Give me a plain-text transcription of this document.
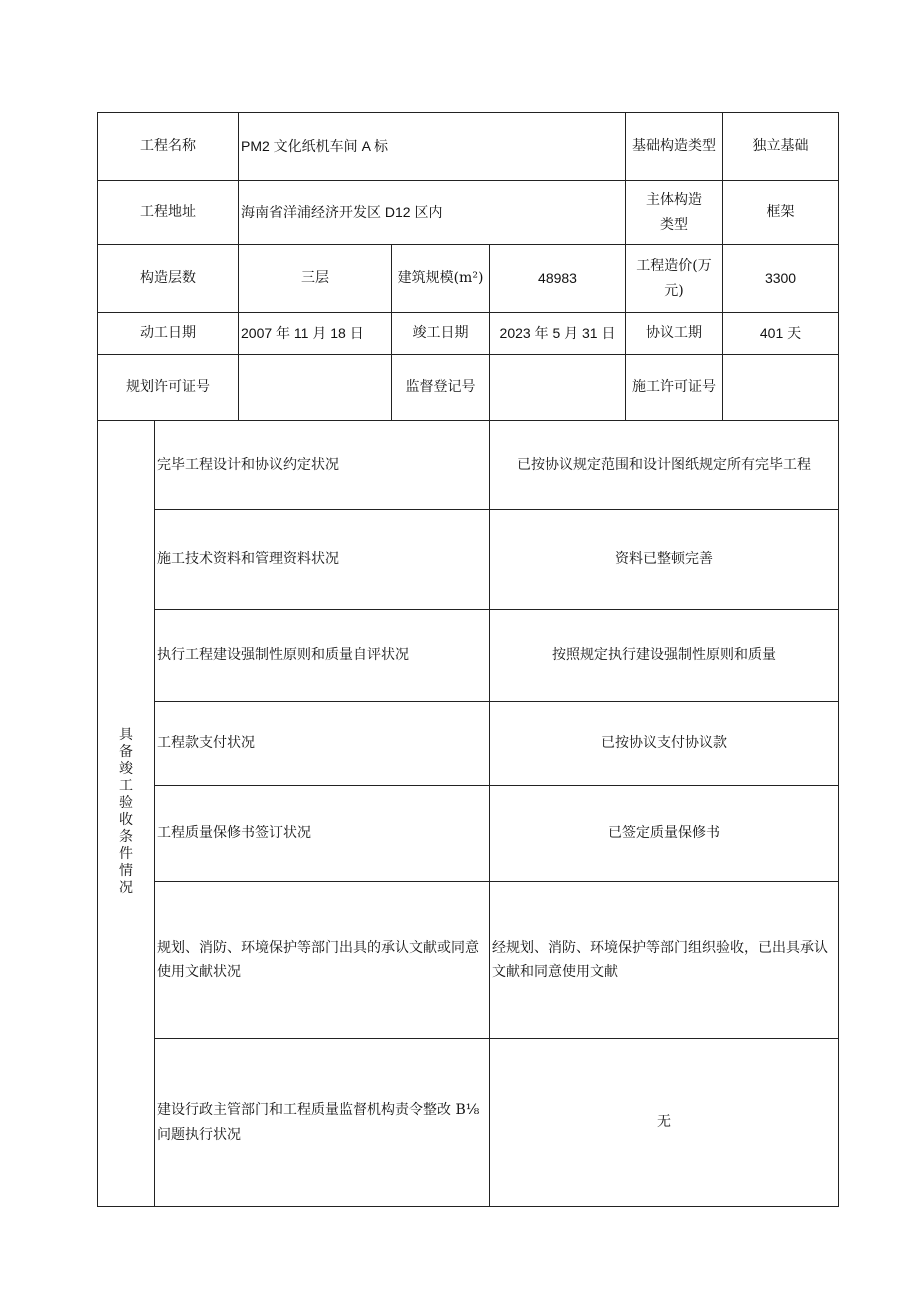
工程名称		PM2 文化纸机车间 A 标			基础构造类型	独立基础
工程地址		海南省洋浦经济开发区 D12 区内			主体构造类型	框架
构造层数		三层	建筑规模(m²)	48983	工程造价(万元)	3300
动工日期		2007 年 11 月 18 日	竣工日期	2023 年 5 月 31 日	协议工期	401 天
规划许可证号			监督登记号		施工许可证号	
具备竣工验收条件情况	完毕工程设计和协议约定状况			已按协议规定范围和设计图纸规定所有完毕工程		
	施工技术资料和管理资料状况			资料已整顿完善		
	执行工程建设强制性原则和质量自评状况			按照规定执行建设强制性原则和质量		
	工程款支付状况			已按协议支付协议款		
	工程质量保修书签订状况			已签定质量保修书		
	规划、消防、环境保护等部门出具的承认文献或同意使用文献状况			经规划、消防、环境保护等部门组织验收，已出具承认文献和同意使用文献		
	建设行政主管部门和工程质量监督机构责令整改 B⅛问题执行状况			无		
